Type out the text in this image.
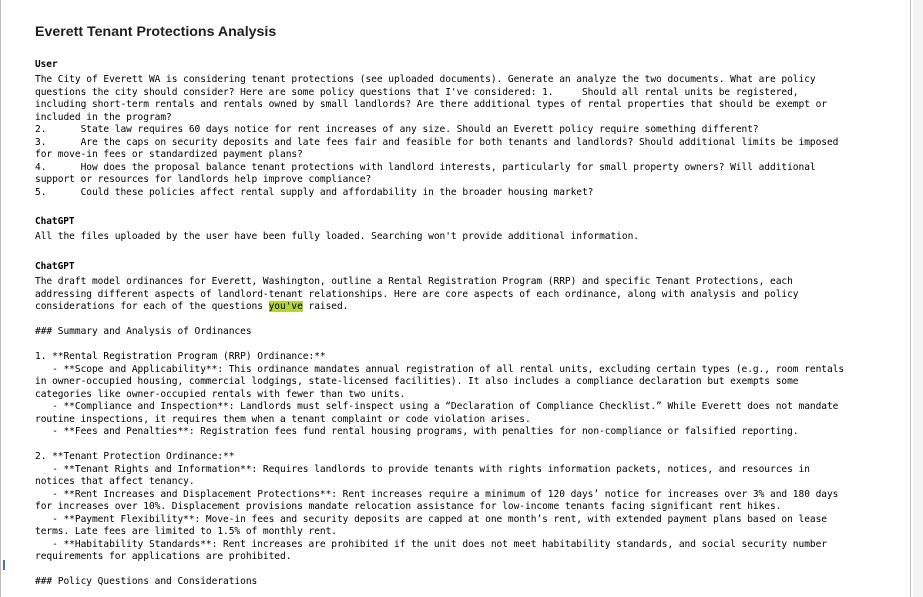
Everett Tenant Protections Analysis
User
The City of Everett WA is considering tenant protections (see uploaded documents). Generate an analyze the two documents. What are policy
questions the city should consider? Here are some policy questions that I've considered: 1.     Should all rental units be registered,
including short-term rentals and rentals owned by small landlords? Are there additional types of rental properties that should be exempt or
included in the program?
2.      State law requires 60 days notice for rent increases of any size. Should an Everett policy require something different?
3.      Are the caps on security deposits and late fees fair and feasible for both tenants and landlords? Should additional limits be imposed
for move-in fees or standardized payment plans?
4.      How does the proposal balance tenant protections with landlord interests, particularly for small property owners? Will additional
support or resources for landlords help improve compliance?
5.      Could these policies affect rental supply and affordability in the broader housing market?
ChatGPT
All the files uploaded by the user have been fully loaded. Searching won't provide additional information.
ChatGPT
The draft model ordinances for Everett, Washington, outline a Rental Registration Program (RRP) and specific Tenant Protections, each
addressing different aspects of landlord-tenant relationships. Here are core aspects of each ordinance, along with analysis and policy
considerations for each of the questions you've raised.
### Summary and Analysis of Ordinances
1. **Rental Registration Program (RRP) Ordinance:**
- **Scope and Applicability**: This ordinance mandates annual registration of all rental units, excluding certain types (e.g., room rentals
in owner-occupied housing, commercial lodgings, state-licensed facilities). It also includes a compliance declaration but exempts some
categories like owner-occupied rentals with fewer than two units.
- **Compliance and Inspection**: Landlords must self-inspect using a “Declaration of Compliance Checklist.” While Everett does not mandate
routine inspections, it requires them when a tenant complaint or code violation arises.
- **Fees and Penalties**: Registration fees fund rental housing programs, with penalties for non-compliance or falsified reporting.
2. **Tenant Protection Ordinance:**
- **Tenant Rights and Information**: Requires landlords to provide tenants with rights information packets, notices, and resources in
notices that affect tenancy.
- **Rent Increases and Displacement Protections**: Rent increases require a minimum of 120 days’ notice for increases over 3% and 180 days
for increases over 10%. Displacement provisions mandate relocation assistance for low-income tenants facing significant rent hikes.
- **Payment Flexibility**: Move-in fees and security deposits are capped at one month’s rent, with extended payment plans based on lease
terms. Late fees are limited to 1.5% of monthly rent.
- **Habitability Standards**: Rent increases are prohibited if the unit does not meet habitability standards, and social security number
requirements for applications are prohibited.
### Policy Questions and Considerations
